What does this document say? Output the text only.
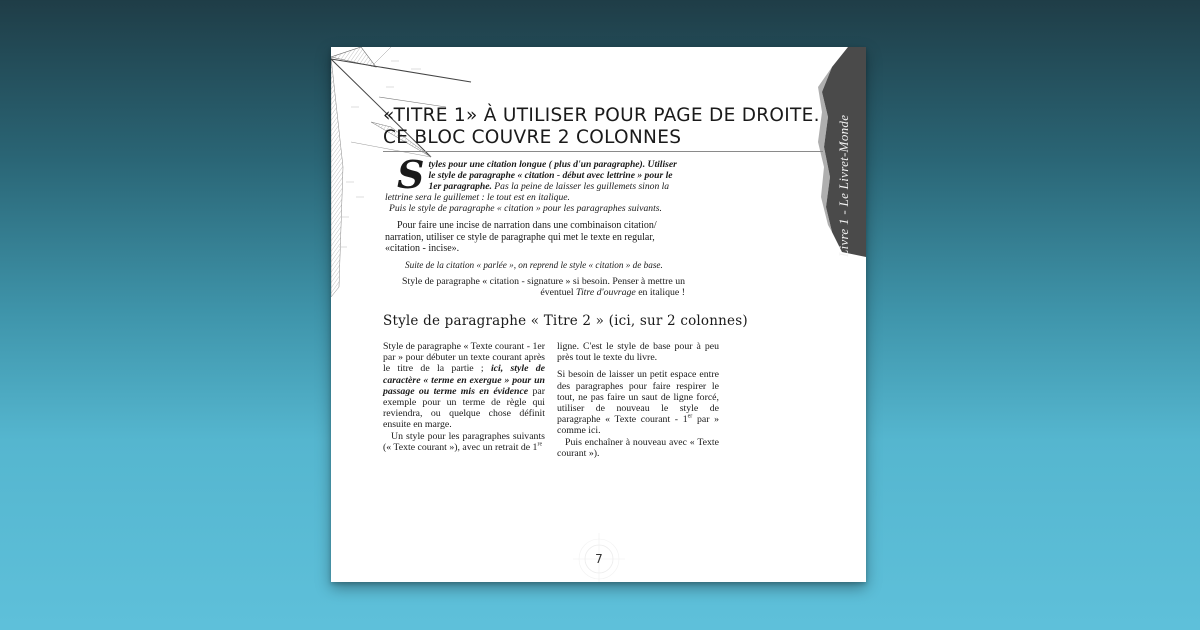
Livre 1 - Le Livret-Monde
«TITRE 1» À UTILISER POUR PAGE DE DROITE. CE BLOC COUVRE 2 COLONNES

Styles pour une citation longue ( plus d'un paragraphe). Utiliser le style de paragraphe « citation - début avec lettrine » pour le 1er paragraphe. Pas la peine de laisser les guillemets sinon la lettrine sera le guillemet : le tout est en italique.

Puis le style de paragraphe « citation » pour les paragraphes suivants.

Pour faire une incise de narration dans une combinaison citation/ narration, utiliser ce style de paragraphe qui met le texte en regular, «citation - incise».

Suite de la citation « parlée », on reprend le style « citation » de base.

Style de paragraphe « citation - signature » si besoin. Penser à mettre un éventuel Titre d'ouvrage en italique !

Style de paragraphe « Titre 2 » (ici, sur 2 colonnes)

Style de paragraphe « Texte courant - 1er par » pour débuter un texte courant après le titre de la partie ; ici, style de caractère « terme en exergue » pour un passage ou terme mis en évidence par exemple pour un terme de règle qui reviendra, ou quelque chose définit ensuite en marge.

Un style pour les paragraphes suivants (« Texte courant »), avec un retrait de 1re

ligne. C'est le style de base pour à peu près tout le texte du livre.

Si besoin de laisser un petit espace entre des paragraphes pour faire respirer le tout, ne pas faire un saut de ligne forcé, utiliser de nouveau le style de paragraphe « Texte courant - 1er par » comme ici.

Puis enchaîner à nouveau avec « Texte courant »).

7
